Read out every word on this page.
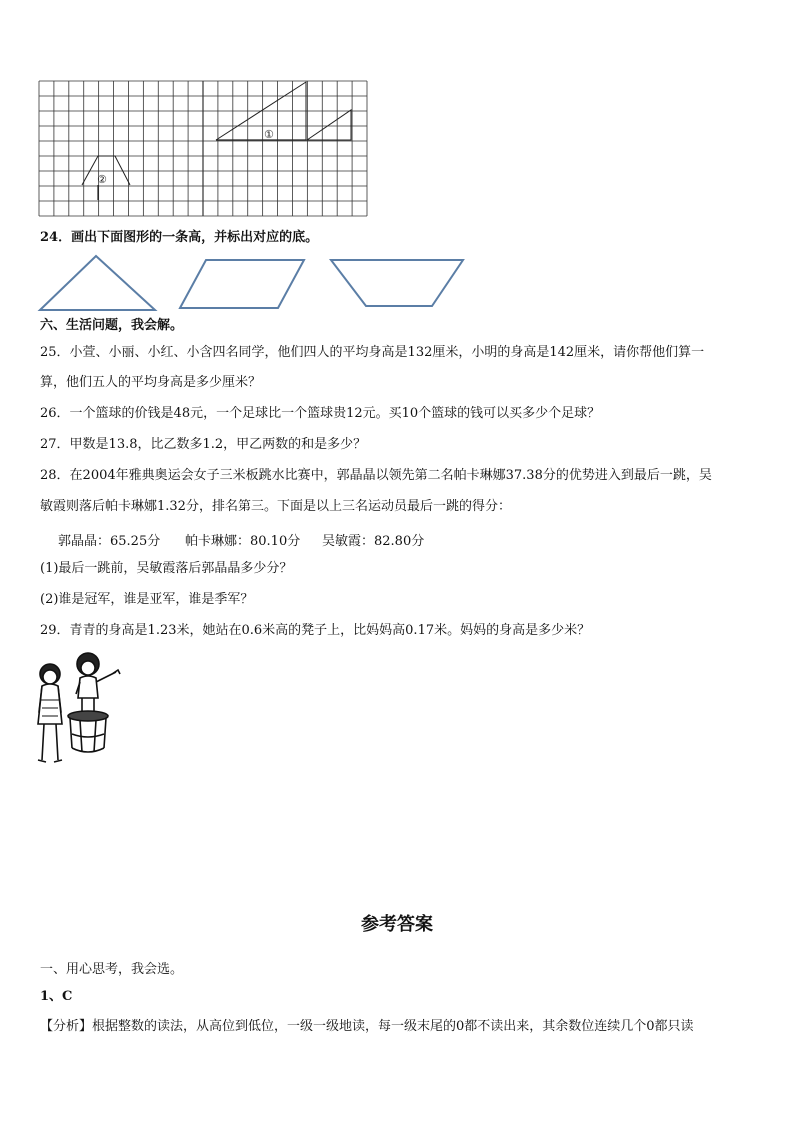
①
②
24．画出下面图形的一条高，并标出对应的底。
六、生活问题，我会解。
25．小萱、小丽、小红、小含四名同学，他们四人的平均身高是132厘米，小明的身高是142厘米，请你帮他们算一
算，他们五人的平均身高是多少厘米？
26．一个篮球的价钱是48元，一个足球比一个篮球贵12元。买10个篮球的钱可以买多少个足球？
27．甲数是13.8，比乙数多1.2，甲乙两数的和是多少？
28．在2004年雅典奥运会女子三米板跳水比赛中，郭晶晶以领先第二名帕卡琳娜37.38分的优势进入到最后一跳，吴
敏霞则落后帕卡琳娜1.32分，排名第三。下面是以上三名运动员最后一跳的得分：
郭晶晶：65.25分 帕卡琳娜：80.10分 吴敏霞：82.80分
(1)最后一跳前，吴敏霞落后郭晶晶多少分？
(2)谁是冠军，谁是亚军，谁是季军？
29．青青的身高是1.23米，她站在0.6米高的凳子上，比妈妈高0.17米。妈妈的身高是多少米？
参考答案
一、用心思考，我会选。
1、C
【分析】根据整数的读法，从高位到低位，一级一级地读，每一级末尾的0都不读出来，其余数位连续几个0都只读
